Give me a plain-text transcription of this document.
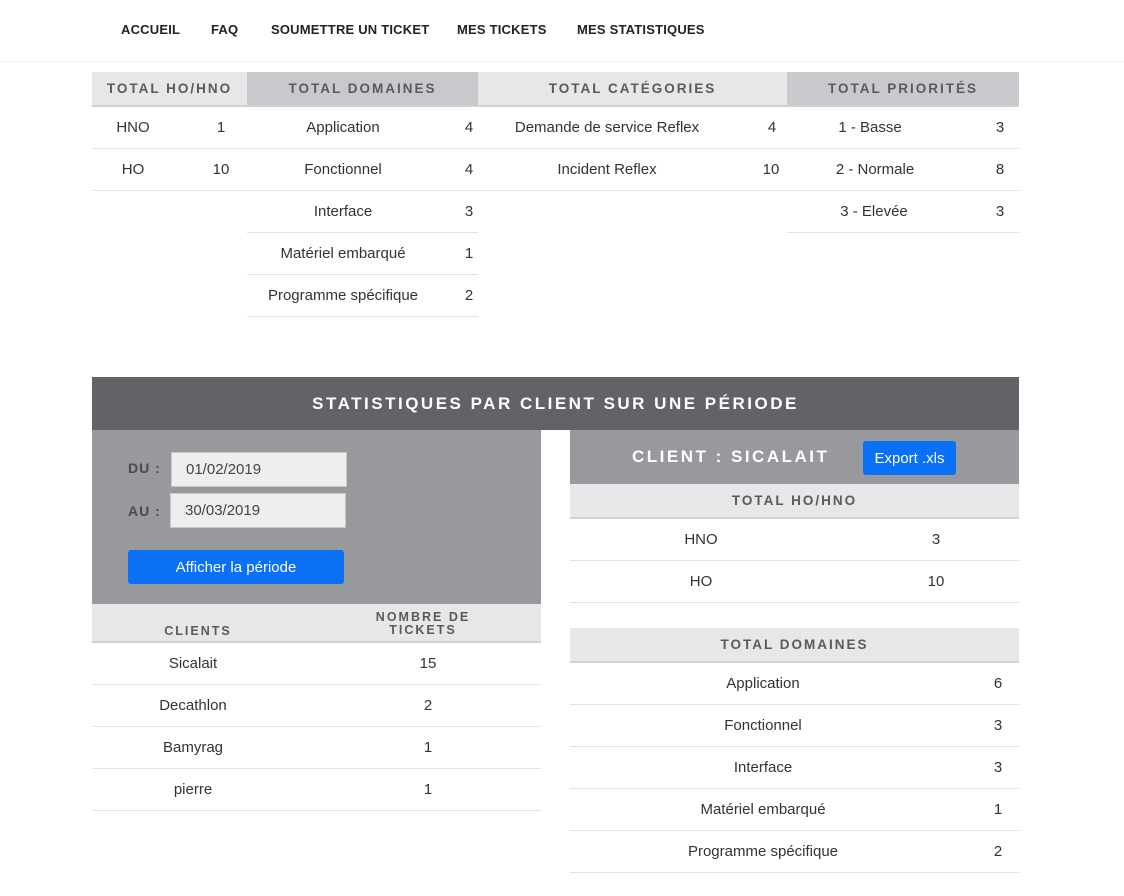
ACCUEIL FAQ	SOUMETTRE UN TICKET MES TICKETS MES STATISTIQUES
TOTAL HO/HNO
HNO	1
HO	10
TOTAL DOMAINES
Application	4
Fonctionnel	4
Interface	3
Matériel embarqué	1
Programme spécifique	2
TOTAL CATÉGORIES
Demande de service Reflex	4
Incident Reflex	10
TOTAL PRIORITÉS
1 - Basse	3
2 - Normale	8
3 - Elevée	3
STATISTIQUES PAR CLIENT SUR UNE PÉRIODE
DU :
01/02/2019
AU :
30/03/2019
Afficher la période
CLIENTS
NOMBRE DE
TICKETS
Sicalait	15
Decathlon	2
Bamyrag	1
pierre	1
CLIENT : SICALAIT	Export .xls
TOTAL HO/HNO
HNO	3
HO	10
TOTAL DOMAINES
Application	6
Fonctionnel	3
Interface	3
Matériel embarqué	1
Programme spécifique	2
